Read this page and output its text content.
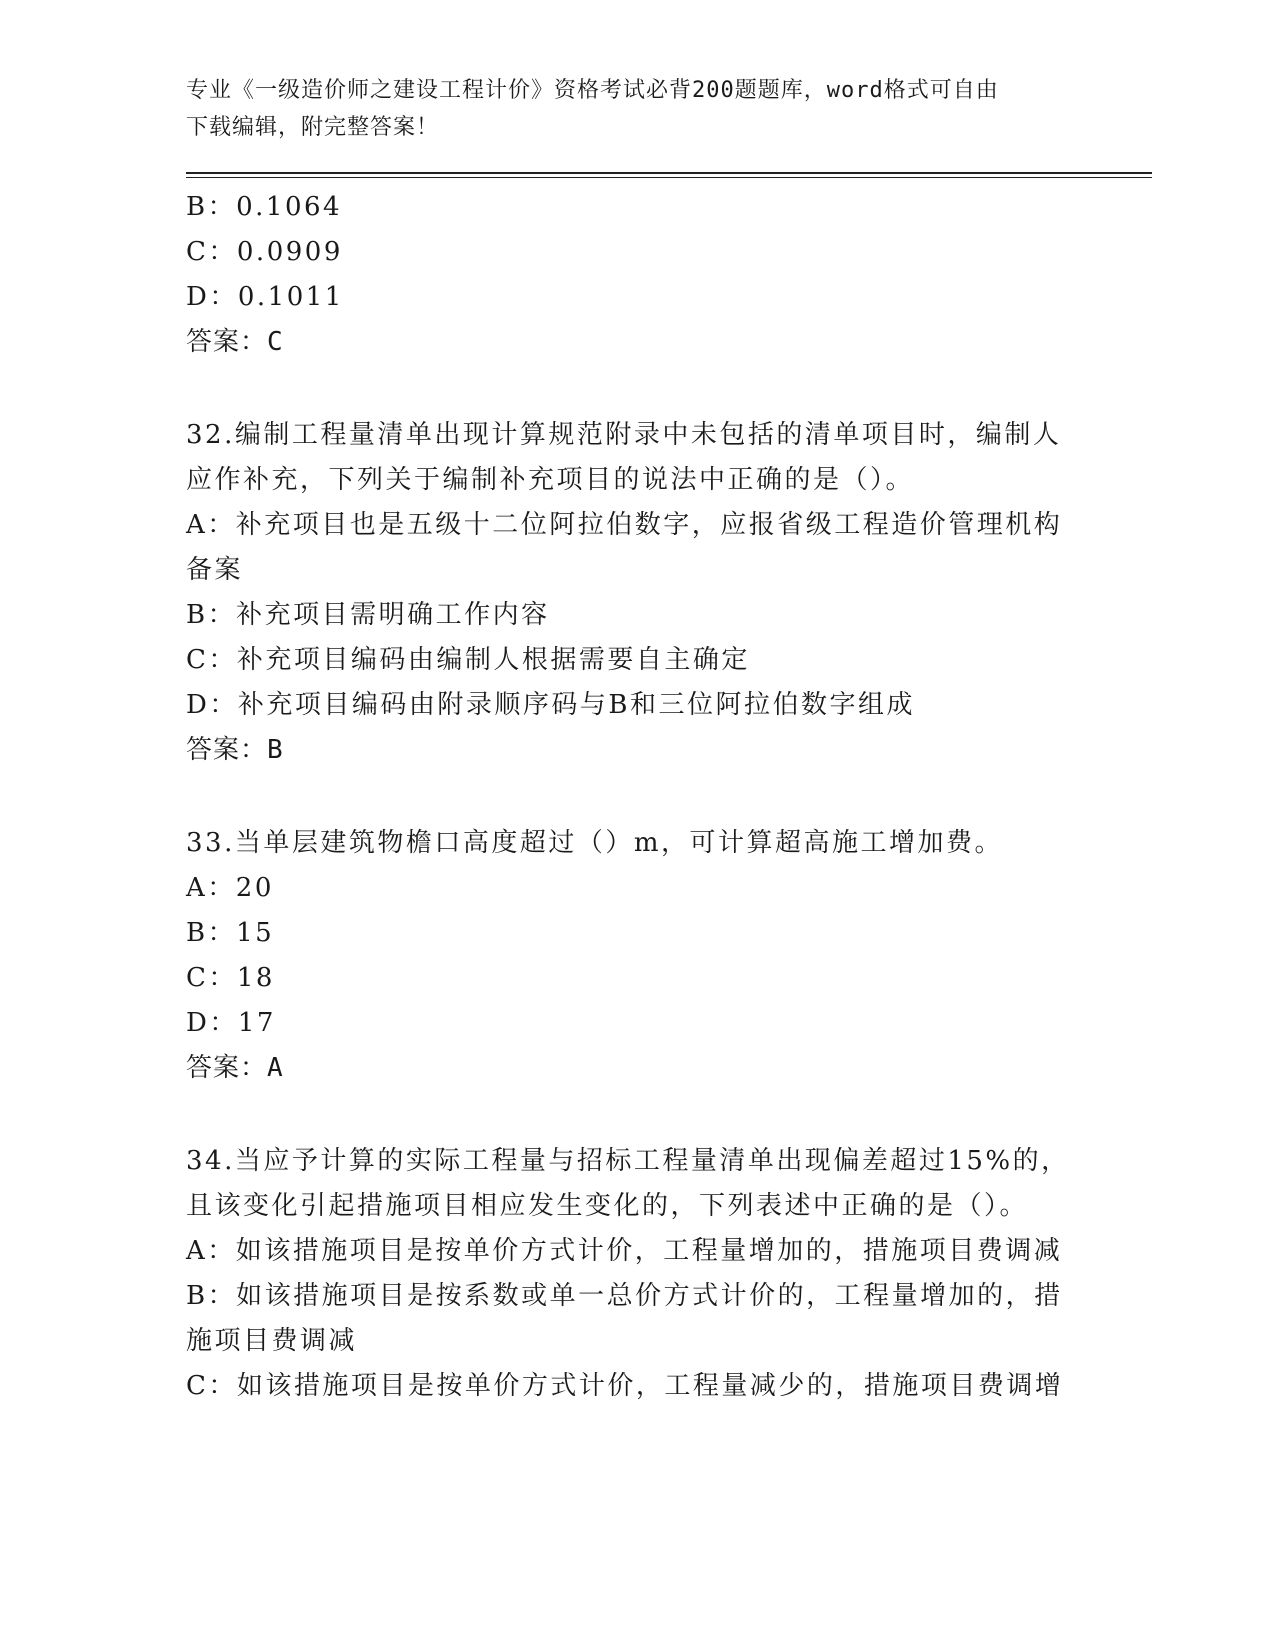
专业《一级造价师之建设工程计价》资格考试必背200题题库，word格式可自由
下载编辑，附完整答案！
B：0.1064
C：0.0909
D：0.1011
答案：C
32.编制工程量清单出现计算规范附录中未包括的清单项目时，编制人
应作补充，下列关于编制补充项目的说法中正确的是（）。
A：补充项目也是五级十二位阿拉伯数字，应报省级工程造价管理机构
备案
B：补充项目需明确工作内容
C：补充项目编码由编制人根据需要自主确定
D：补充项目编码由附录顺序码与B和三位阿拉伯数字组成
答案：B
33.当单层建筑物檐口高度超过（）m，可计算超高施工增加费。
A：20
B：15
C：18
D：17
答案：A
34.当应予计算的实际工程量与招标工程量清单出现偏差超过15%的，
且该变化引起措施项目相应发生变化的，下列表述中正确的是（）。
A：如该措施项目是按单价方式计价，工程量增加的，措施项目费调减
B：如该措施项目是按系数或单一总价方式计价的，工程量增加的，措
施项目费调减
C：如该措施项目是按单价方式计价，工程量减少的，措施项目费调增
